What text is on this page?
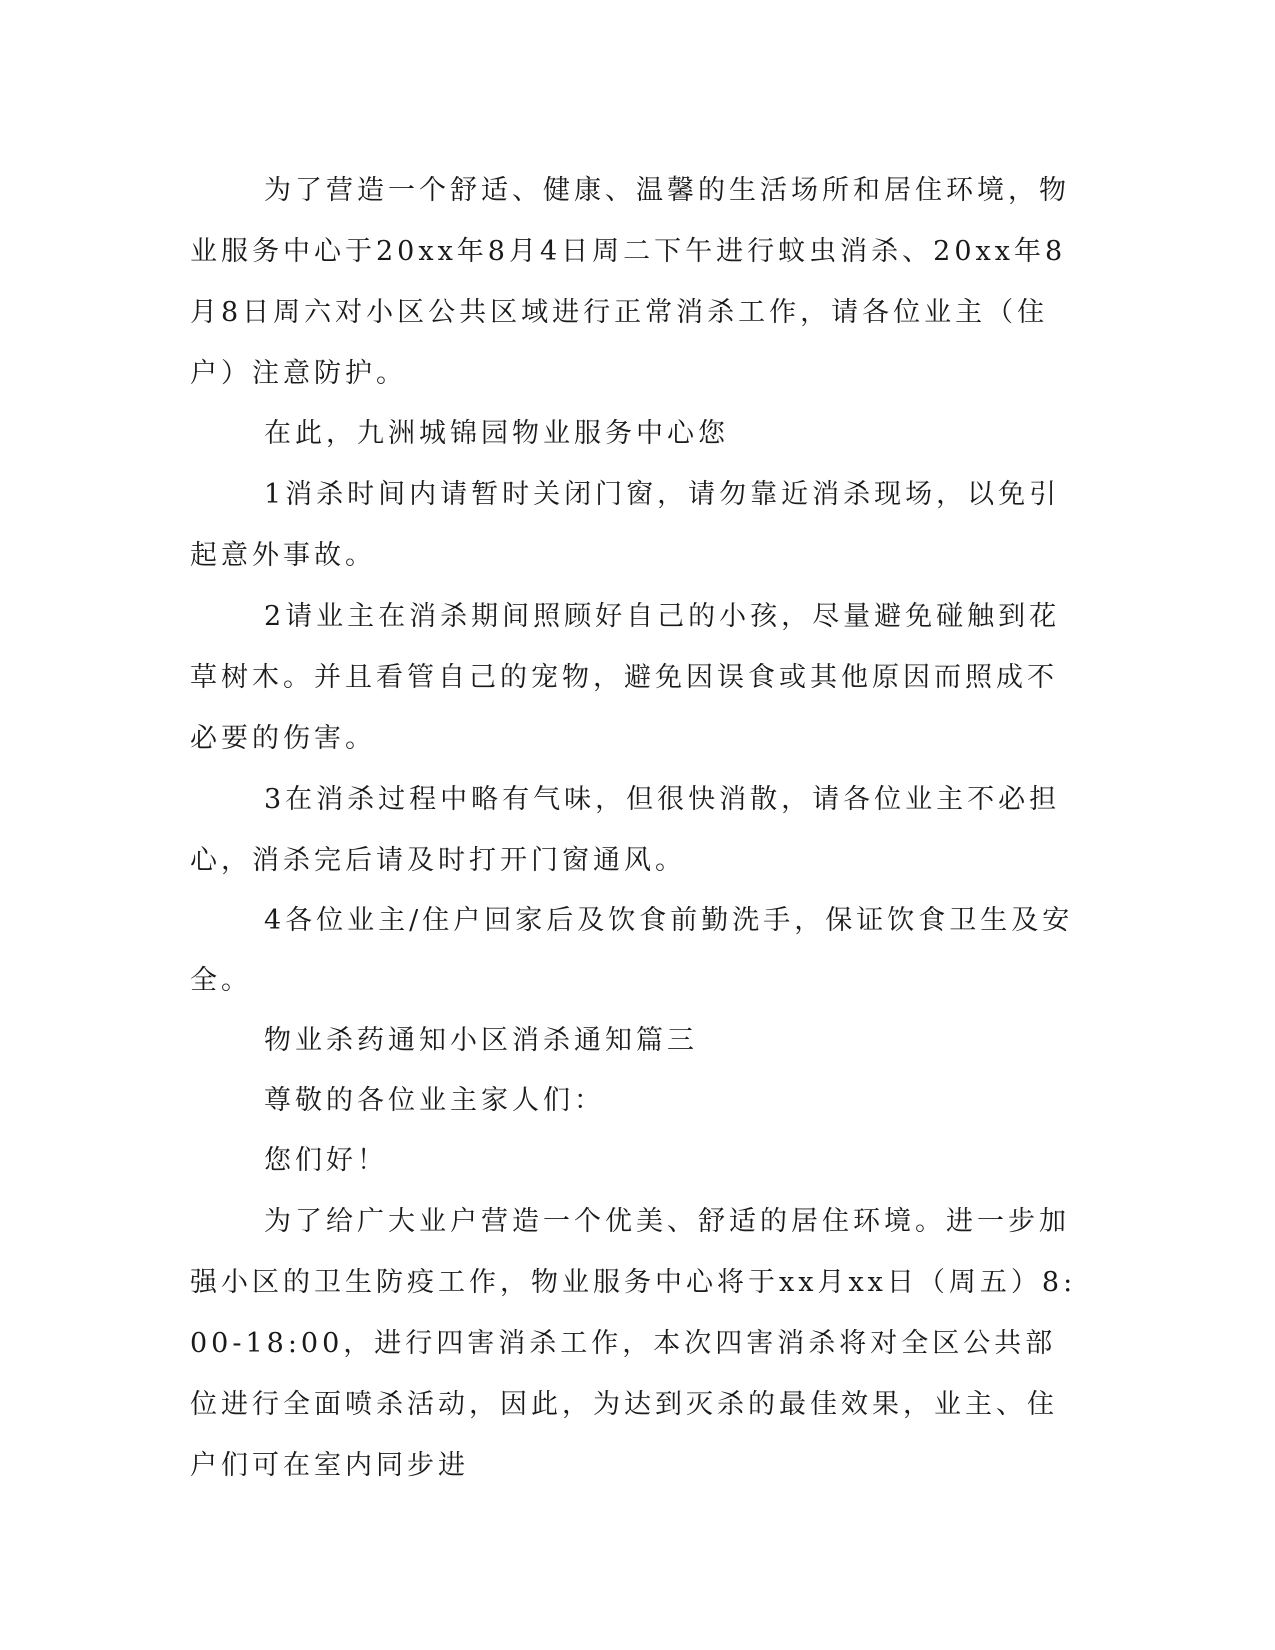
为了营造一个舒适、健康、温馨的生活场所和居住环境，物业服务中心于20xx年8月4日周二下午进行蚊虫消杀、20xx年8月8日周六对小区公共区域进行正常消杀工作，请各位业主（住户）注意防护。

在此，九洲城锦园物业服务中心您

1消杀时间内请暂时关闭门窗，请勿靠近消杀现场，以免引起意外事故。

2请业主在消杀期间照顾好自己的小孩，尽量避免碰触到花草树木。并且看管自己的宠物，避免因误食或其他原因而照成不必要的伤害。

3在消杀过程中略有气味，但很快消散，请各位业主不必担心，消杀完后请及时打开门窗通风。

4各位业主/住户回家后及饮食前勤洗手，保证饮食卫生及安全。

物业杀药通知小区消杀通知篇三

尊敬的各位业主家人们：

您们好！

为了给广大业户营造一个优美、舒适的居住环境。进一步加强小区的卫生防疫工作，物业服务中心将于xx月xx日（周五）8:00-18:00，进行四害消杀工作，本次四害消杀将对全区公共部位进行全面喷杀活动，因此，为达到灭杀的最佳效果，业主、住户们可在室内同步进
